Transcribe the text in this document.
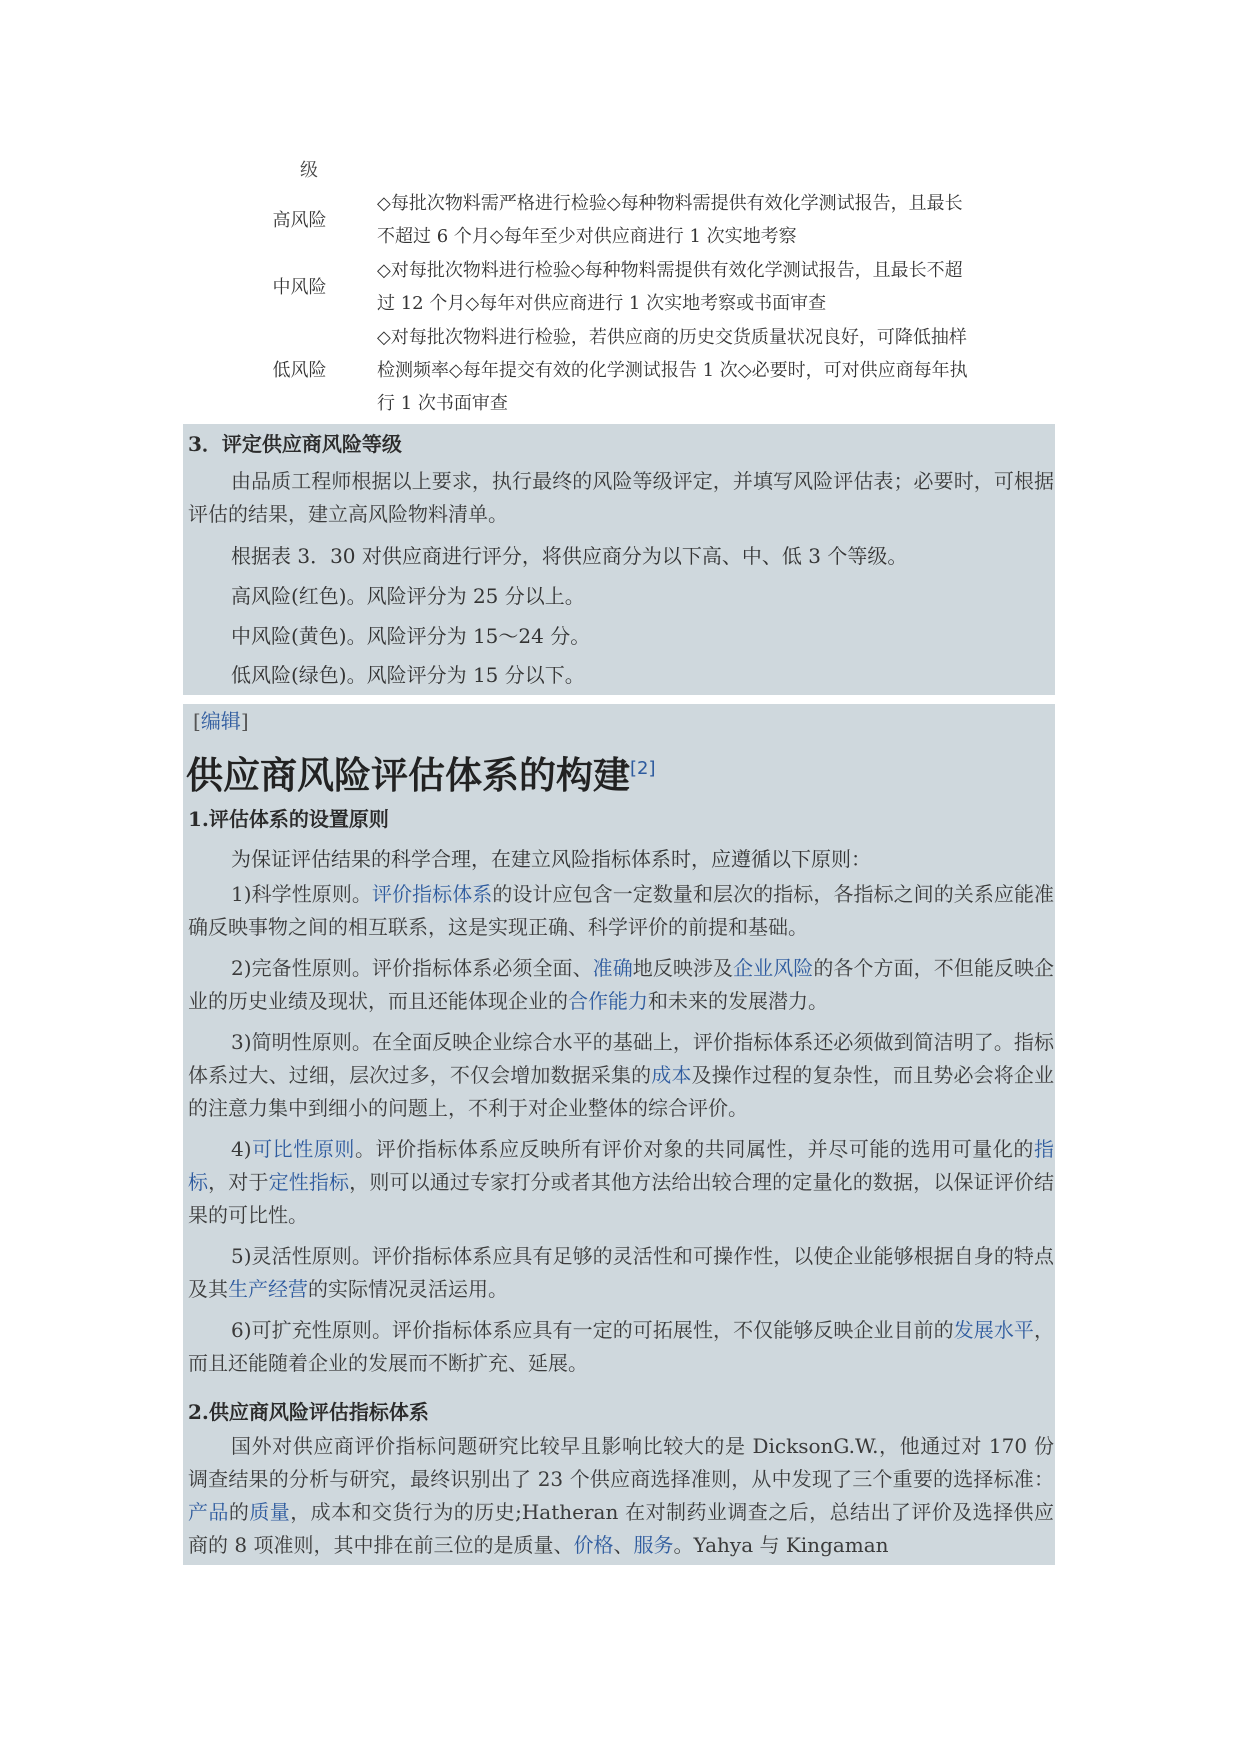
级
高风险	◇每批次物料需严格进行检验◇每种物料需提供有效化学测试报告，且最长
不超过 6 个月◇每年至少对供应商进行 1 次实地考察

中风险	◇对每批次物料进行检验◇每种物料需提供有效化学测试报告，且最长不超
过 12 个月◇每年对供应商进行 1 次实地考察或书面审查

低风险	◇对每批次物料进行检验，若供应商的历史交货质量状况良好，可降低抽样
检测频率◇每年提交有效的化学测试报告 1 次◇必要时，可对供应商每年执
行 1 次书面审查
3．评定供应商风险等级
由品质工程师根据以上要求，执行最终的风险等级评定，并填写风险评估表；必要时，可根据评估的结果，建立高风险物料清单。
根据表 3．30 对供应商进行评分，将供应商分为以下高、中、低 3 个等级。
高风险(红色)。风险评分为 25 分以上。
中风险(黄色)。风险评分为 15～24 分。
低风险(绿色)。风险评分为 15 分以下。
[编辑]
供应商风险评估体系的构建[2]
1.评估体系的设置原则
为保证评估结果的科学合理，在建立风险指标体系时，应遵循以下原则：
1)科学性原则。评价指标体系的设计应包含一定数量和层次的指标，各指标之间的关系应能准确反映事物之间的相互联系，这是实现正确、科学评价的前提和基础。
2)完备性原则。评价指标体系必须全面、准确地反映涉及企业风险的各个方面，不但能反映企业的历史业绩及现状，而且还能体现企业的合作能力和未来的发展潜力。
3)简明性原则。在全面反映企业综合水平的基础上，评价指标体系还必须做到简洁明了。指标体系过大、过细，层次过多，不仅会增加数据采集的成本及操作过程的复杂性，而且势必会将企业的注意力集中到细小的问题上，不利于对企业整体的综合评价。
4)可比性原则。评价指标体系应反映所有评价对象的共同属性，并尽可能的选用可量化的指标，对于定性指标，则可以通过专家打分或者其他方法给出较合理的定量化的数据，以保证评价结果的可比性。
5)灵活性原则。评价指标体系应具有足够的灵活性和可操作性，以使企业能够根据自身的特点及其生产经营的实际情况灵活运用。
6)可扩充性原则。评价指标体系应具有一定的可拓展性，不仅能够反映企业目前的发展水平，而且还能随着企业的发展而不断扩充、延展。
2.供应商风险评估指标体系
国外对供应商评价指标问题研究比较早且影响比较大的是 DicksonG.W.，他通过对 170 份调查结果的分析与研究，最终识别出了 23 个供应商选择准则，从中发现了三个重要的选择标准：产品的质量，成本和交货行为的历史;Hatheran 在对制药业调查之后，总结出了评价及选择供应商的 8 项准则，其中排在前三位的是质量、价格、服务。Yahya 与 Kingaman
